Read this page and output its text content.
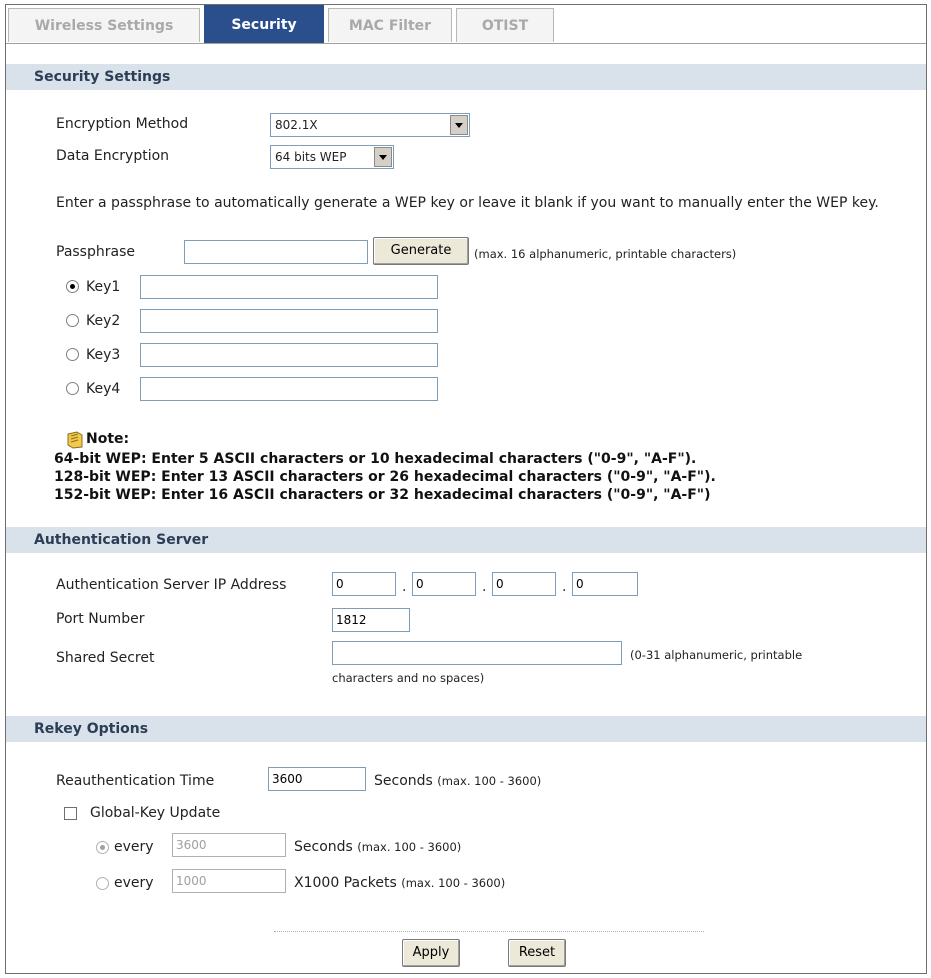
Wireless Settings	Security	MAC Filter	OTIST
Security Settings
Encryption Method	802.1X
Data Encryption	64 bits WEP
Enter a passphrase to automatically generate a WEP key or leave it blank if you want to manually enter the WEP key.
Passphrase	Generate	(max. 16 alphanumeric, printable characters)
Key1
Key2
Key3
Key4
Note:
64-bit WEP: Enter 5 ASCII characters or 10 hexadecimal characters ("0-9", "A-F").
128-bit WEP: Enter 13 ASCII characters or 26 hexadecimal characters ("0-9", "A-F").
152-bit WEP: Enter 16 ASCII characters or 32 hexadecimal characters ("0-9", "A-F")
Authentication Server
Authentication Server IP Address	0	. 0	. 0	. 0
Port Number	1812
Shared Secret	(0-31 alphanumeric, printable
characters and no spaces)
Rekey Options
Reauthentication Time	3600	Seconds (max. 100 - 3600)
Global-Key Update
every	3600	Seconds (max. 100 - 3600)
every	1000	X1000 Packets (max. 100 - 3600)
Apply	Reset
